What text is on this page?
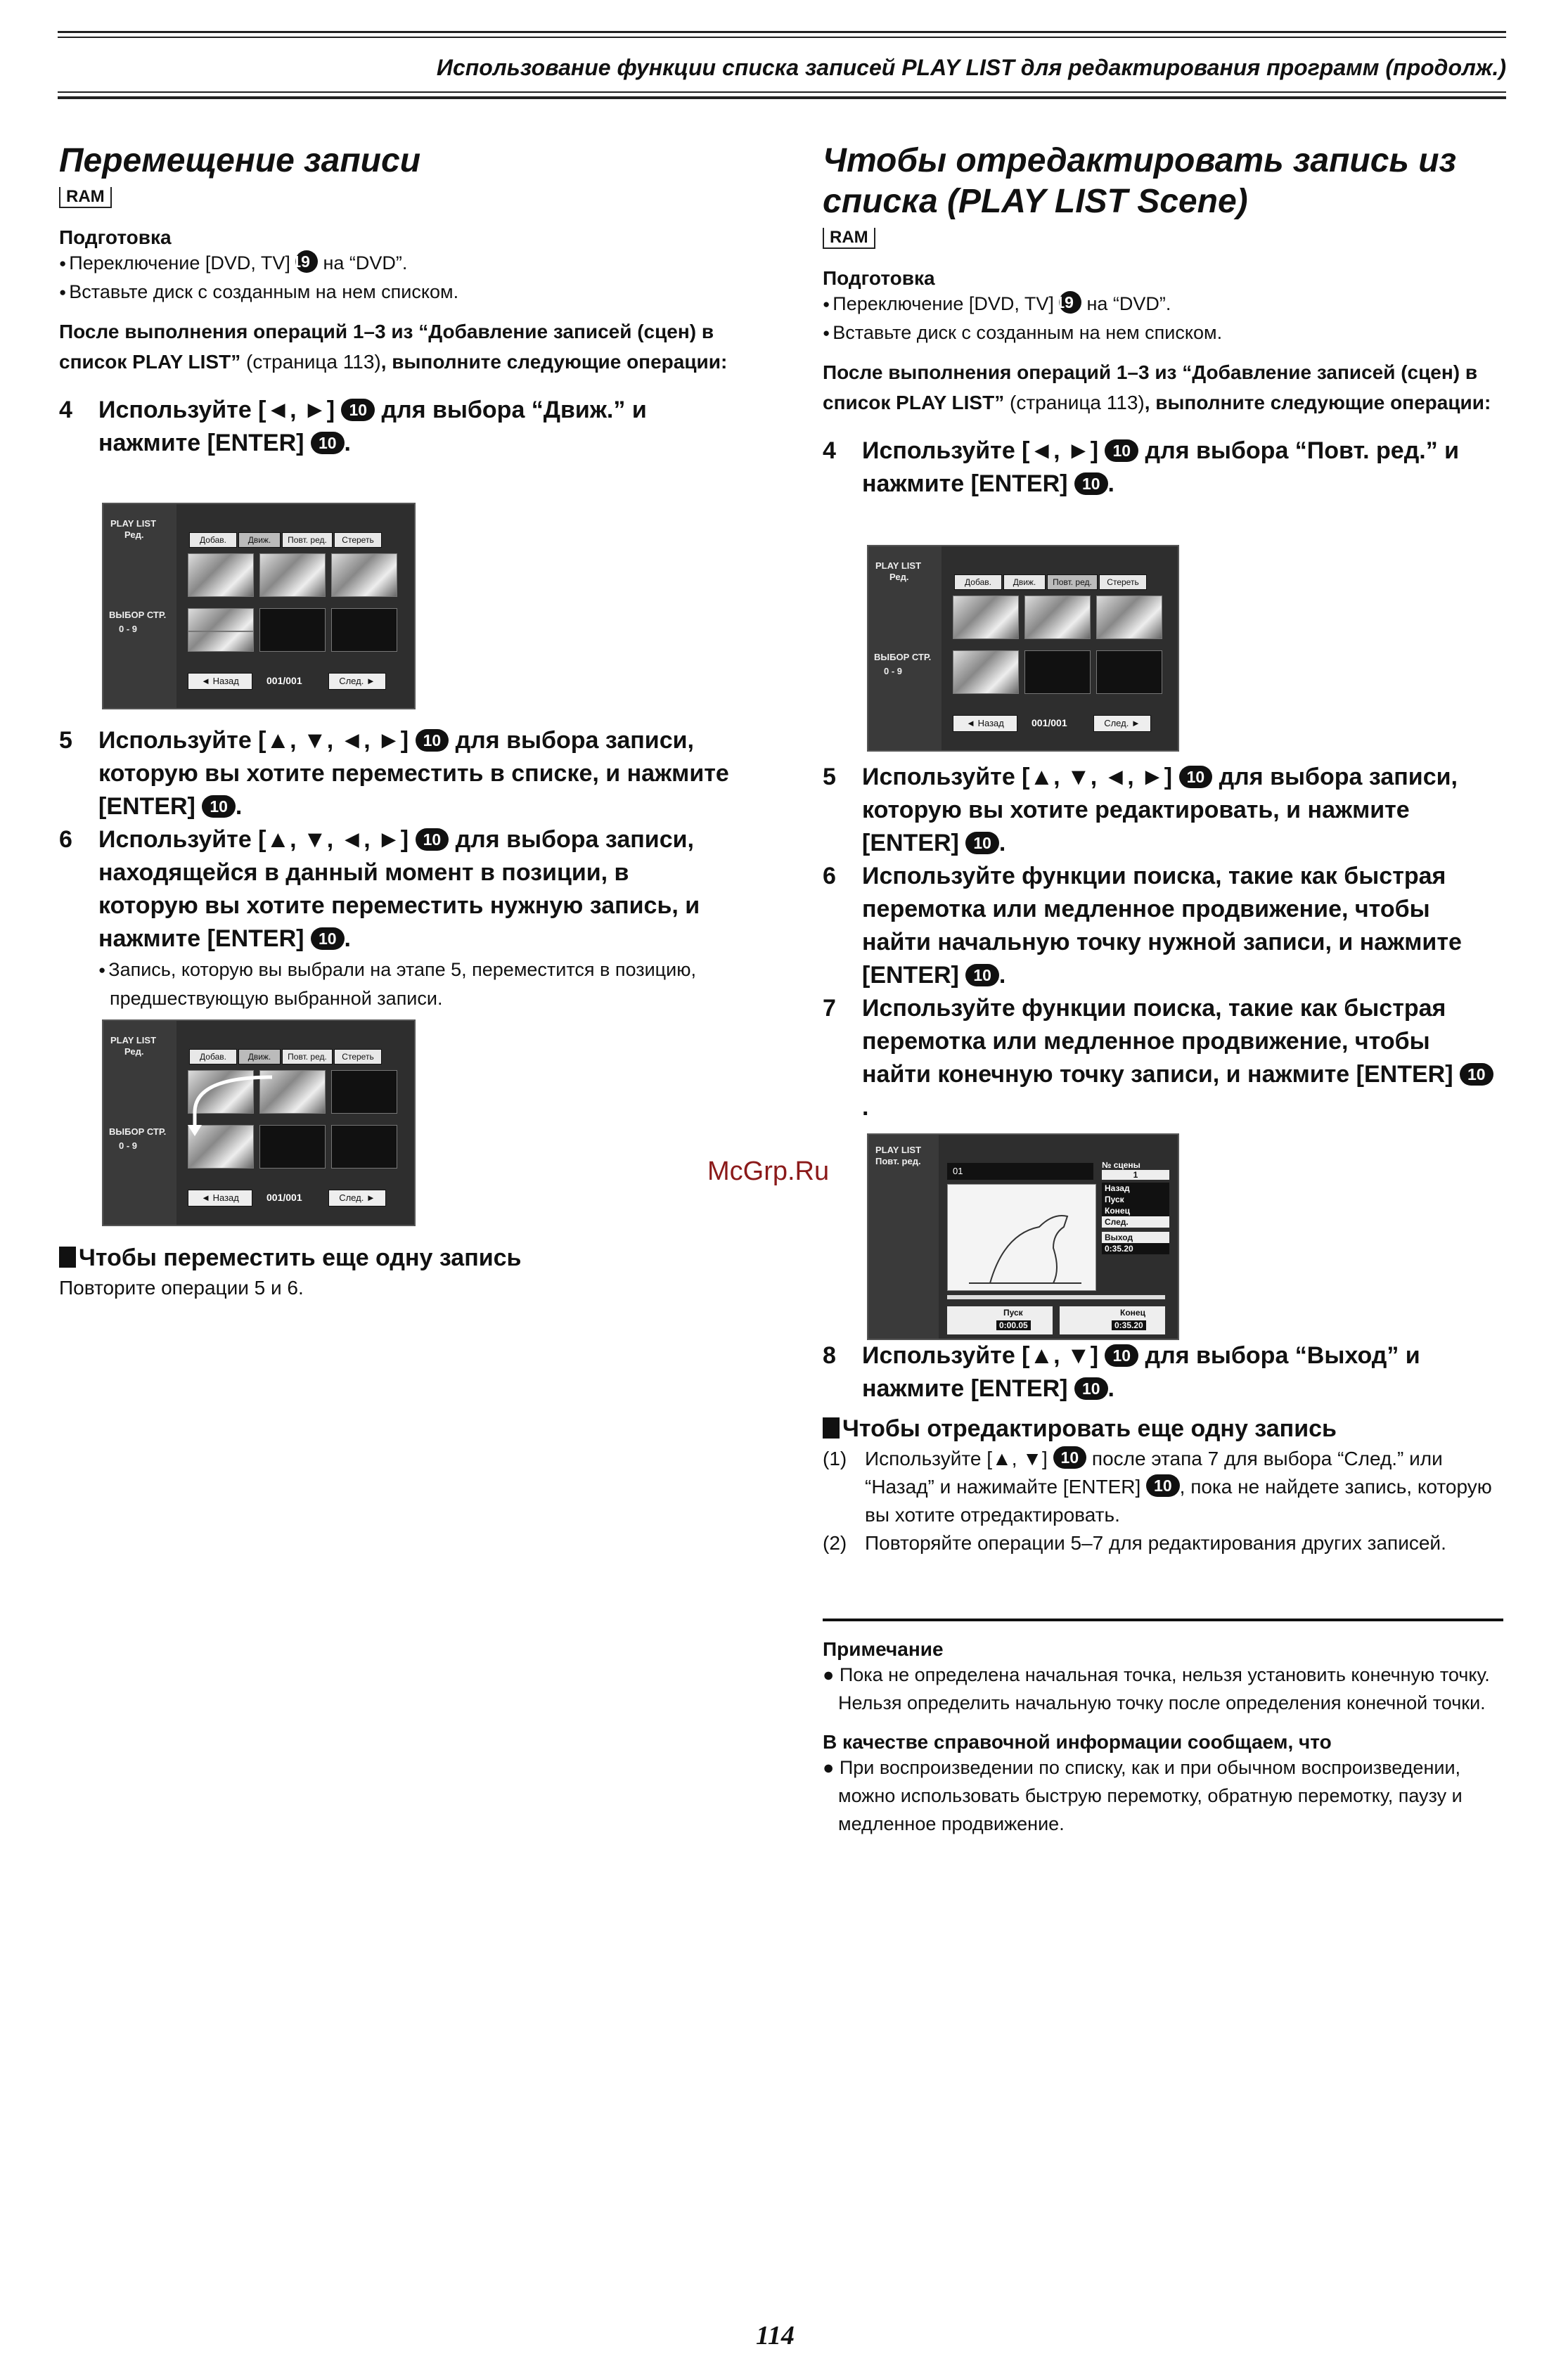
Использование функции списка записей PLAY LIST для редактирования программ (продолж.)
Перемещение записи
RAM
Подготовка
● Переключение [DVD, TV] 19 на “DVD”.
● Вставьте диск с созданным на нем списком.
После выполнения операций 1–3 из “Добавление записей (сцен) в список PLAY LIST” (страница 113), выполните следующие операции:
4 Используйте [◄, ►] 10 для выбора “Движ.” и нажмите [ENTER] 10 .
PLAY LIST
Ред.
ВЫБОР СТР.
0 - 9
Добав.	Движ.	Повт. ред.	Стереть
◄ Назад	001/001	След. ►
5 Используйте [▲, ▼, ◄, ►] 10 для выбора записи, которую вы хотите переместить в списке, и нажмите [ENTER] 10 .
6 Используйте [▲, ▼, ◄, ►] 10 для выбора записи, находящейся в данный момент в позиции, в которую вы хотите переместить нужную запись, и нажмите [ENTER] 10 .
● Запись, которую вы выбрали на этапе 5, переместится в позицию, предшествующую выбранной записи.
PLAY LIST
Ред.
ВЫБОР СТР.
0 - 9
Добав.	Движ.	Повт. ред.	Стереть
◄ Назад	001/001	След. ►
Чтобы переместить еще одну запись
Повторите операции 5 и 6.
Чтобы отредактировать запись из списка (PLAY LIST Scene)
RAM
Подготовка
● Переключение [DVD, TV] 19 на “DVD”.
● Вставьте диск с созданным на нем списком.
После выполнения операций 1–3 из “Добавление записей (сцен) в список PLAY LIST” (страница 113), выполните следующие операции:
4 Используйте [◄, ►] 10 для выбора “Повт. ред.” и нажмите [ENTER] 10 .
PLAY LIST
Ред.
ВЫБОР СТР.
0 - 9
Добав.	Движ.	Повт. ред.	Стереть
◄ Назад	001/001	След. ►
5 Используйте [▲, ▼, ◄, ►] 10 для выбора записи, которую вы хотите редактировать, и нажмите [ENTER] 10 .
6 Используйте функции поиска, такие как быстрая перемотка или медленное продвижение, чтобы найти начальную точку нужной записи, и нажмите [ENTER] 10 .
7 Используйте функции поиска, такие как быстрая перемотка или медленное продвижение, чтобы найти конечную точку записи, и нажмите [ENTER] 10.
PLAY LIST
Повт. ред.
01
№ сцены
1
Назад
Пуск
Конец
След.
Выход
0:35.20
Пуск
0:00.05
Конец
0:35.20
8 Используйте [▲, ▼] 10 для выбора “Выход” и нажмите [ENTER] 10 .
Чтобы отредактировать еще одну запись
(1) Используйте [▲, ▼] 10 после этапа 7 для выбора “След.” или “Назад” и нажимайте [ENTER] 10 , пока не найдете запись, которую вы хотите отредактировать.
(2) Повторяйте операции 5–7 для редактирования других записей.
Примечание
● Пока не определена начальная точка, нельзя установить конечную точку. Нельзя определить начальную точку после определения конечной точки.
В качестве справочной информации сообщаем, что
● При воспроизведении по списку, как и при обычном воспроизведении, можно использовать быструю перемотку, обратную перемотку, паузу и медленное продвижение.
McGrp.Ru
114
